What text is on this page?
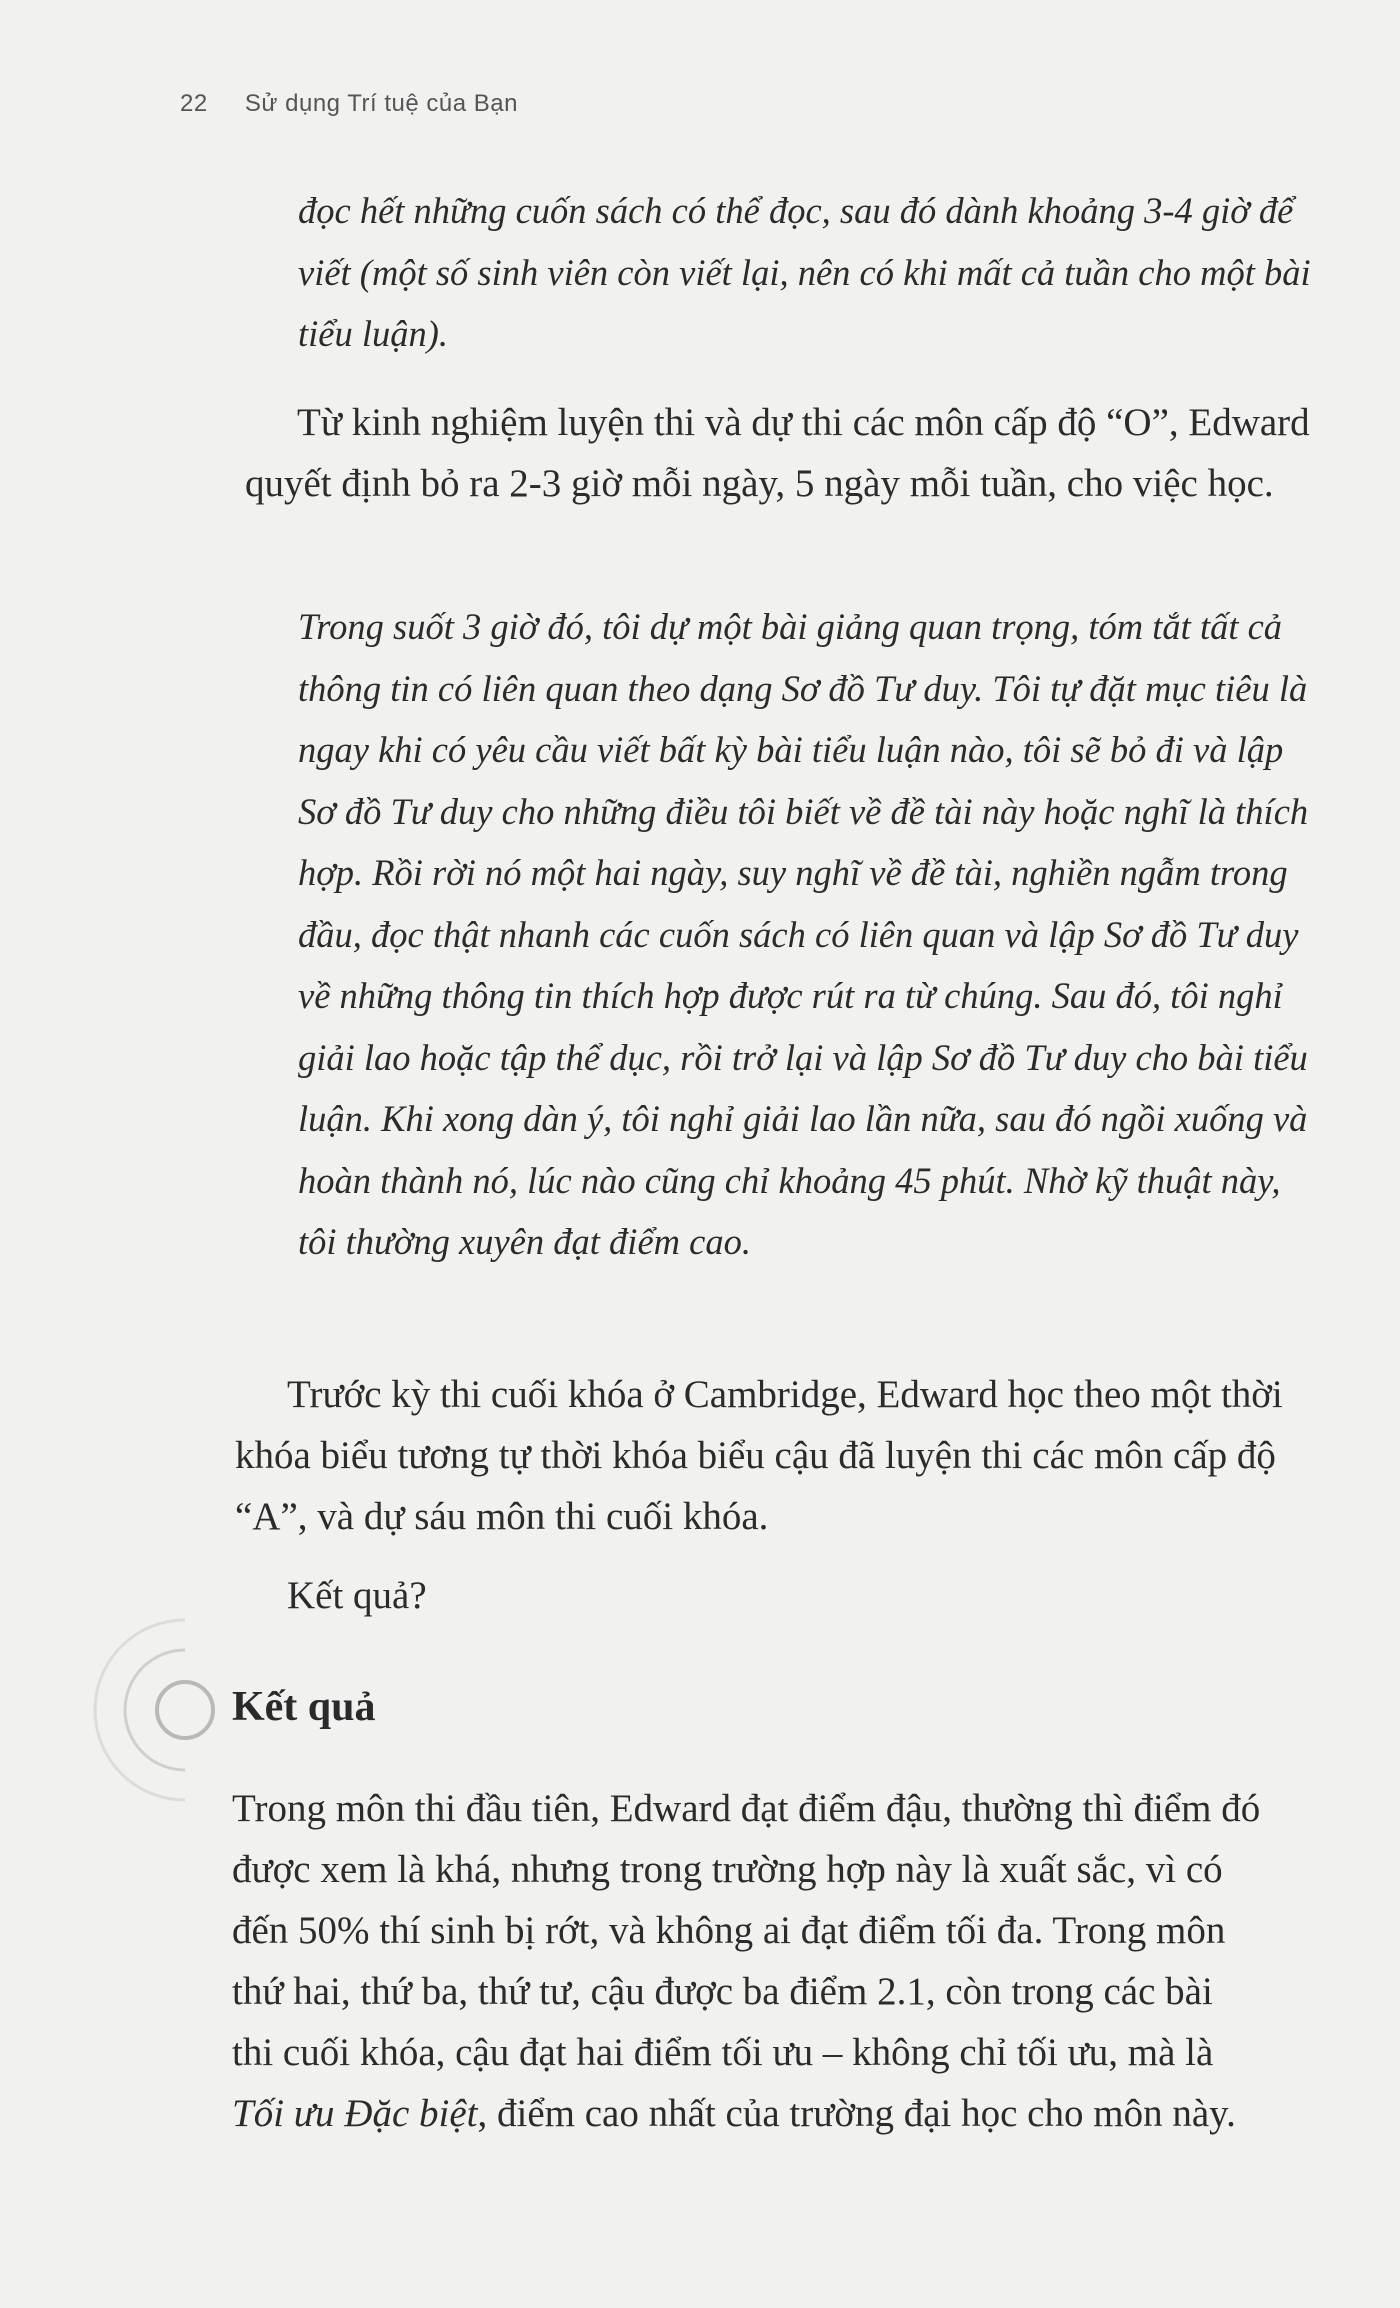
22 Sử dụng Trí tuệ của Bạn

đọc hết những cuốn sách có thể đọc, sau đó dành khoảng 3-4 giờ để viết (một số sinh viên còn viết lại, nên có khi mất cả tuần cho một bài tiểu luận).

Từ kinh nghiệm luyện thi và dự thi các môn cấp độ “O”, Edward quyết định bỏ ra 2-3 giờ mỗi ngày, 5 ngày mỗi tuần, cho việc học.

Trong suốt 3 giờ đó, tôi dự một bài giảng quan trọng, tóm tắt tất cả thông tin có liên quan theo dạng Sơ đồ Tư duy. Tôi tự đặt mục tiêu là ngay khi có yêu cầu viết bất kỳ bài tiểu luận nào, tôi sẽ bỏ đi và lập Sơ đồ Tư duy cho những điều tôi biết về đề tài này hoặc nghĩ là thích hợp. Rồi rời nó một hai ngày, suy nghĩ về đề tài, nghiền ngẫm trong đầu, đọc thật nhanh các cuốn sách có liên quan và lập Sơ đồ Tư duy về những thông tin thích hợp được rút ra từ chúng. Sau đó, tôi nghỉ giải lao hoặc tập thể dục, rồi trở lại và lập Sơ đồ Tư duy cho bài tiểu luận. Khi xong dàn ý, tôi nghỉ giải lao lần nữa, sau đó ngồi xuống và hoàn thành nó, lúc nào cũng chỉ khoảng 45 phút. Nhờ kỹ thuật này, tôi thường xuyên đạt điểm cao.

Trước kỳ thi cuối khóa ở Cambridge, Edward học theo một thời khóa biểu tương tự thời khóa biểu cậu đã luyện thi các môn cấp độ “A”, và dự sáu môn thi cuối khóa.

Kết quả?

Kết quả

Trong môn thi đầu tiên, Edward đạt điểm đậu, thường thì điểm đó được xem là khá, nhưng trong trường hợp này là xuất sắc, vì có đến 50% thí sinh bị rớt, và không ai đạt điểm tối đa. Trong môn thứ hai, thứ ba, thứ tư, cậu được ba điểm 2.1, còn trong các bài thi cuối khóa, cậu đạt hai điểm tối ưu – không chỉ tối ưu, mà là Tối ưu Đặc biệt, điểm cao nhất của trường đại học cho môn này.
